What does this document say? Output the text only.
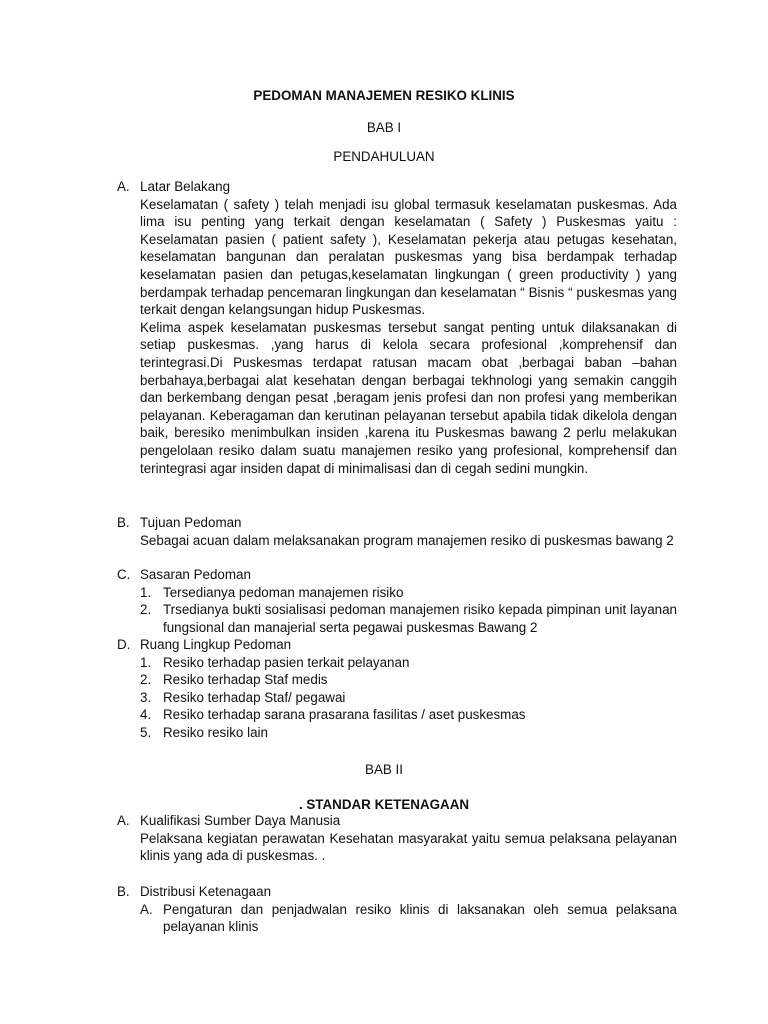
PEDOMAN MANAJEMEN RESIKO KLINIS
BAB I
PENDAHULUAN
A. Latar Belakang

Keselamatan ( safety ) telah menjadi isu global termasuk keselamatan puskesmas. Ada lima isu penting yang terkait dengan keselamatan ( Safety ) Puskesmas yaitu : Keselamatan pasien ( patient safety ), Keselamatan pekerja atau petugas kesehatan, keselamatan bangunan dan peralatan puskesmas yang bisa berdampak terhadap keselamatan pasien dan petugas,keselamatan lingkungan ( green productivity ) yang berdampak terhadap pencemaran lingkungan dan keselamatan “ Bisnis “ puskesmas yang terkait dengan kelangsungan hidup Puskesmas.

Kelima aspek keselamatan puskesmas tersebut sangat penting untuk dilaksanakan di setiap puskesmas. ,yang harus di kelola secara profesional ,komprehensif dan terintegrasi.Di Puskesmas terdapat ratusan macam obat ,berbagai baban –bahan berbahaya,berbagai alat kesehatan dengan berbagai tekhnologi yang semakin canggih dan berkembang dengan pesat ,beragam jenis profesi dan non profesi yang memberikan pelayanan. Keberagaman dan kerutinan pelayanan tersebut apabila tidak dikelola dengan baik, beresiko menimbulkan insiden ,karena itu Puskesmas bawang 2 perlu melakukan pengelolaan resiko dalam suatu manajemen resiko yang profesional, komprehensif dan terintegrasi agar insiden dapat di minimalisasi dan di cegah sedini mungkin.

B. Tujuan Pedoman

Sebagai acuan dalam melaksanakan program manajemen resiko di puskesmas bawang 2

C. Sasaran Pedoman
1. Tersedianya pedoman manajemen risiko
2. Trsedianya bukti sosialisasi pedoman manajemen risiko kepada pimpinan unit layanan fungsional dan manajerial serta pegawai puskesmas Bawang 2
D. Ruang Lingkup Pedoman
1. Resiko terhadap pasien terkait pelayanan
2. Resiko terhadap Staf medis
3. Resiko terhadap Staf/ pegawai
4. Resiko terhadap sarana prasarana fasilitas / aset puskesmas
5. Resiko resiko lain
BAB II
. STANDAR KETENAGAAN
A. Kualifikasi Sumber Daya Manusia

Pelaksana kegiatan perawatan Kesehatan masyarakat yaitu semua pelaksana pelayanan klinis yang ada di puskesmas. .

B. Distribusi Ketenagaan
A. Pengaturan dan penjadwalan resiko klinis di laksanakan oleh semua pelaksana pelayanan klinis
